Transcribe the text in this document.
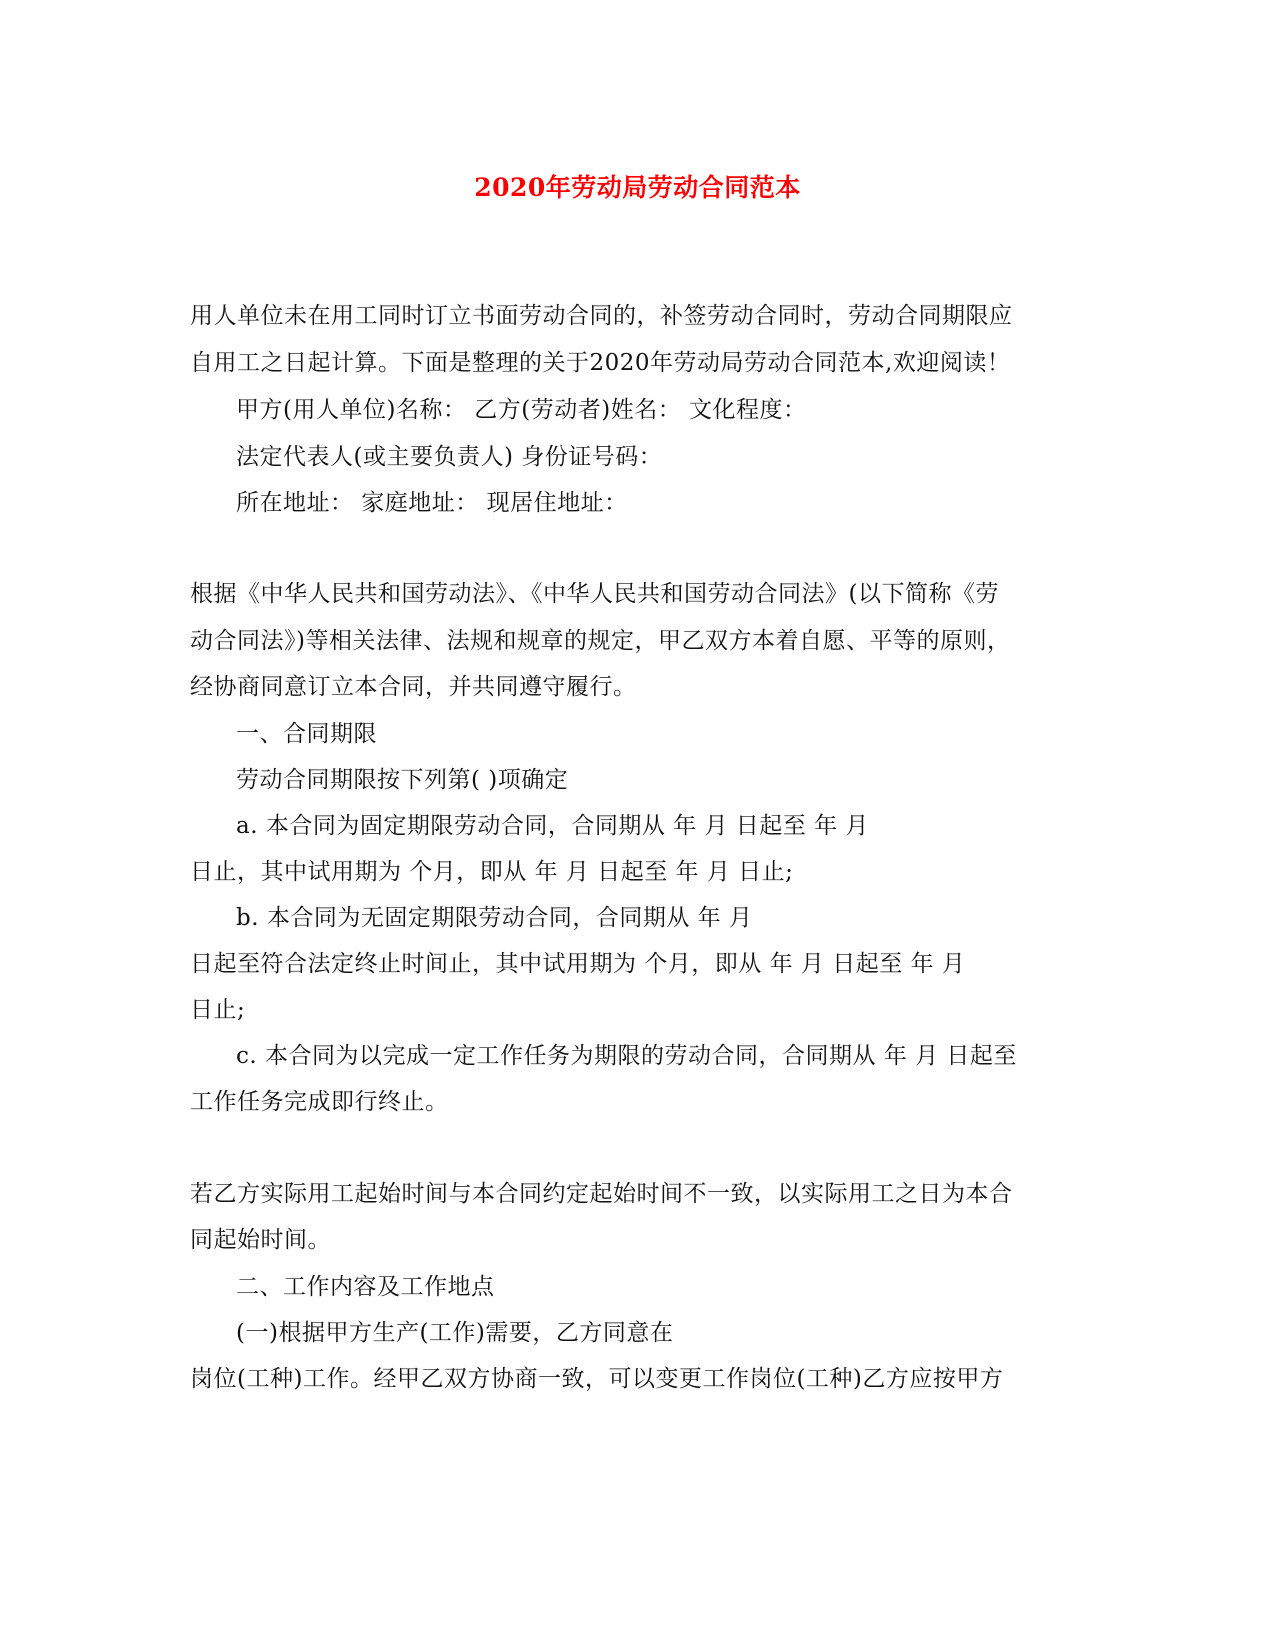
2020年劳动局劳动合同范本
用人单位未在用工同时订立书面劳动合同的，补签劳动合同时，劳动合同期限应
自用工之日起计算。下面是整理的关于2020年劳动局劳动合同范本,欢迎阅读！
甲方(用人单位)名称： 乙方(劳动者)姓名： 文化程度：
法定代表人(或主要负责人) 身份证号码：
所在地址： 家庭地址： 现居住地址：
根据《中华人民共和国劳动法》、《中华人民共和国劳动合同法》(以下简称《劳
动合同法》)等相关法律、法规和规章的规定，甲乙双方本着自愿、平等的原则，
经协商同意订立本合同，并共同遵守履行。
一、合同期限
劳动合同期限按下列第( )项确定
a. 本合同为固定期限劳动合同，合同期从 年 月 日起至 年 月
日止，其中试用期为 个月，即从 年 月 日起至 年 月 日止;
b. 本合同为无固定期限劳动合同，合同期从 年 月
日起至符合法定终止时间止，其中试用期为 个月，即从 年 月 日起至 年 月
日止;
c. 本合同为以完成一定工作任务为期限的劳动合同，合同期从 年 月 日起至
工作任务完成即行终止。
若乙方实际用工起始时间与本合同约定起始时间不一致，以实际用工之日为本合
同起始时间。
二、工作内容及工作地点
(一)根据甲方生产(工作)需要，乙方同意在
岗位(工种)工作。经甲乙双方协商一致，可以变更工作岗位(工种)乙方应按甲方
